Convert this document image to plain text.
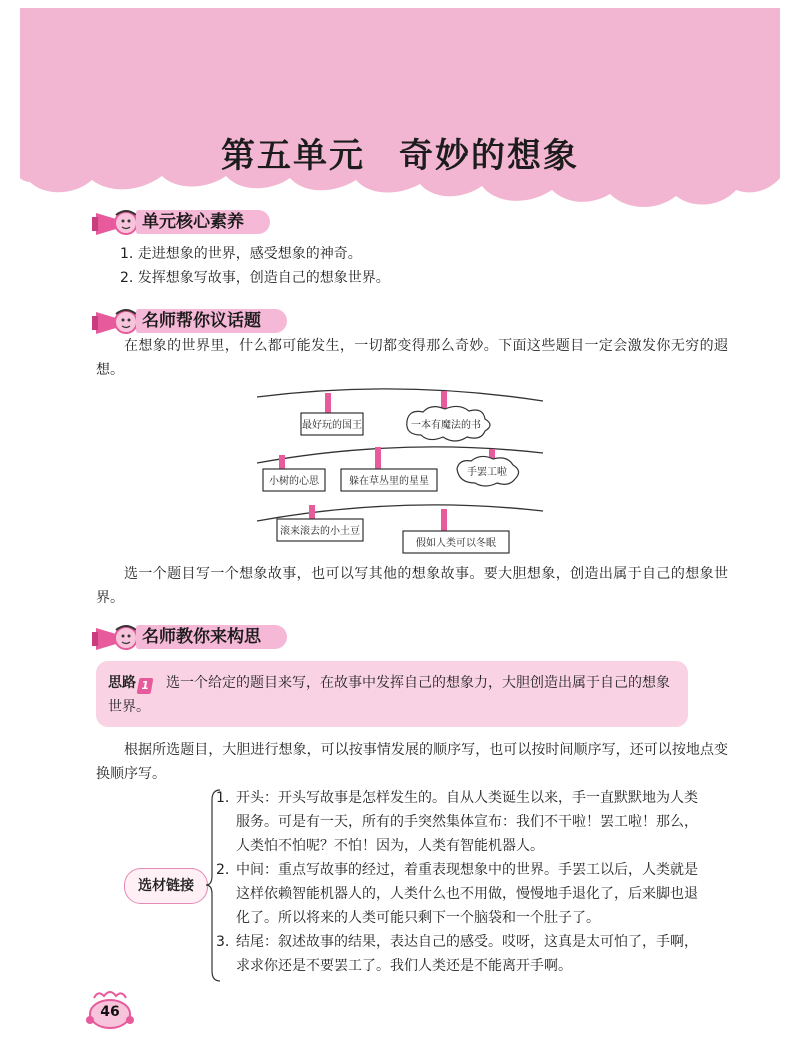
第五单元 奇妙的想象
单元核心素养
1. 走进想象的世界，感受想象的神奇。
2. 发挥想象写故事，创造自己的想象世界。
名师帮你议话题
在想象的世界里，什么都可能发生，一切都变得那么奇妙。下面这些题目一定会激发你无穷的遐想。
最好玩的国王	一本有魔法的书
小树的心思	躲在草丛里的星星
手罢工啦
滚来滚去的小土豆
假如人类可以冬眠
选一个题目写一个想象故事，也可以写其他的想象故事。要大胆想象，创造出属于自己的想象世界。
名师教你来构思
思路 1 选一个给定的题目来写，在故事中发挥自己的想象力，大胆创造出属于自己的想象世界。
根据所选题目，大胆进行想象，可以按事情发展的顺序写，也可以按时间顺序写，还可以按地点变换顺序写。
选材链接
1. 开头：开头写故事是怎样发生的。自从人类诞生以来，手一直默默地为人类服务。可是有一天，所有的手突然集体宣布：我们不干啦！罢工啦！那么，人类怕不怕呢？不怕！因为，人类有智能机器人。
2. 中间：重点写故事的经过，着重表现想象中的世界。手罢工以后，人类就是这样依赖智能机器人的，人类什么也不用做，慢慢地手退化了，后来脚也退化了。所以将来的人类可能只剩下一个脑袋和一个肚子了。
3. 结尾：叙述故事的结果，表达自己的感受。哎呀，这真是太可怕了，手啊，求求你还是不要罢工了。我们人类还是不能离开手啊。
46
